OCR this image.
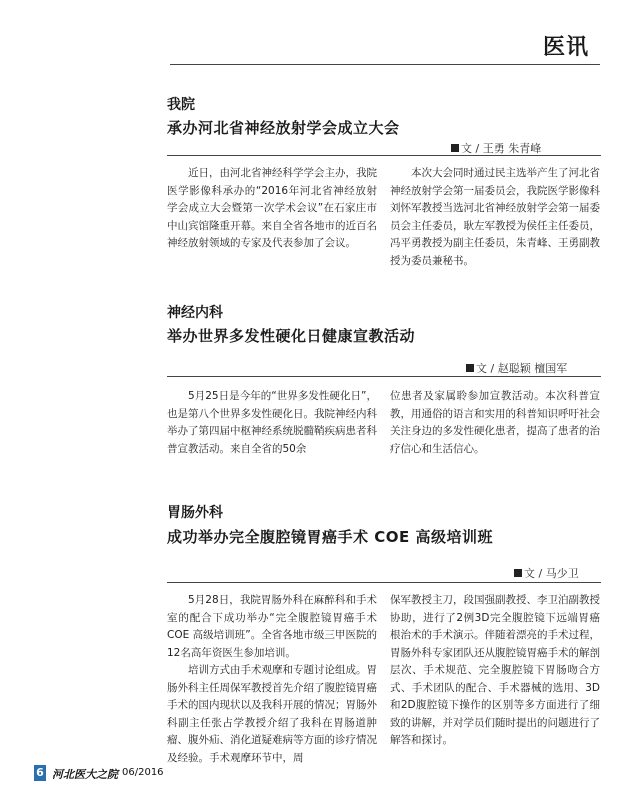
医讯
我院
承办河北省神经放射学会成立大会
文 / 王勇 朱青峰

近日，由河北省神经科学学会主办，我院医学影像科承办的“2016年河北省神经放射学会成立大会暨第一次学术会议”在石家庄市中山宾馆隆重开幕。来自全省各地市的近百名神经放射领域的专家及代表参加了会议。

本次大会同时通过民主选举产生了河北省神经放射学会第一届委员会，我院医学影像科刘怀军教授当选河北省神经放射学会第一届委员会主任委员，耿左军教授为侯任主任委员，冯平勇教授为副主任委员，朱青峰、王勇副教授为委员兼秘书。

神经内科
举办世界多发性硬化日健康宣教活动
文 / 赵聪颖 檀国军

5月25日是今年的“世界多发性硬化日”，也是第八个世界多发性硬化日。我院神经内科举办了第四届中枢神经系统脱髓鞘疾病患者科普宣教活动。来自全省的50余

位患者及家属聆参加宣教活动。本次科普宣教，用通俗的语言和实用的科普知识呼吁社会关注身边的多发性硬化患者，提高了患者的治疗信心和生活信心。

胃肠外科
成功举办完全腹腔镜胃癌手术 COE 高级培训班
文 / 马少卫

5月28日，我院胃肠外科在麻醉科和手术室的配合下成功举办“完全腹腔镜胃癌手术 COE 高级培训班”。全省各地市级三甲医院的12名高年资医生参加培训。

培训方式由手术观摩和专题讨论组成。胃肠外科主任周保军教授首先介绍了腹腔镜胃癌手术的国内现状以及我科开展的情况；胃肠外科副主任张占学教授介绍了我科在胃肠道肿瘤、腹外疝、消化道疑难病等方面的诊疗情况及经验。手术观摩环节中，周

保军教授主刀，段国强副教授、李卫泊副教授协助，进行了2例3D完全腹腔镜下远端胃癌根治术的手术演示。伴随着漂亮的手术过程，胃肠外科专家团队还从腹腔镜胃癌手术的解剖层次、手术规范、完全腹腔镜下胃肠吻合方式、手术团队的配合、手术器械的选用、3D和2D腹腔镜下操作的区别等多方面进行了细致的讲解，并对学员们随时提出的问题进行了解答和探讨。

6 河北医大之院 06/2016
